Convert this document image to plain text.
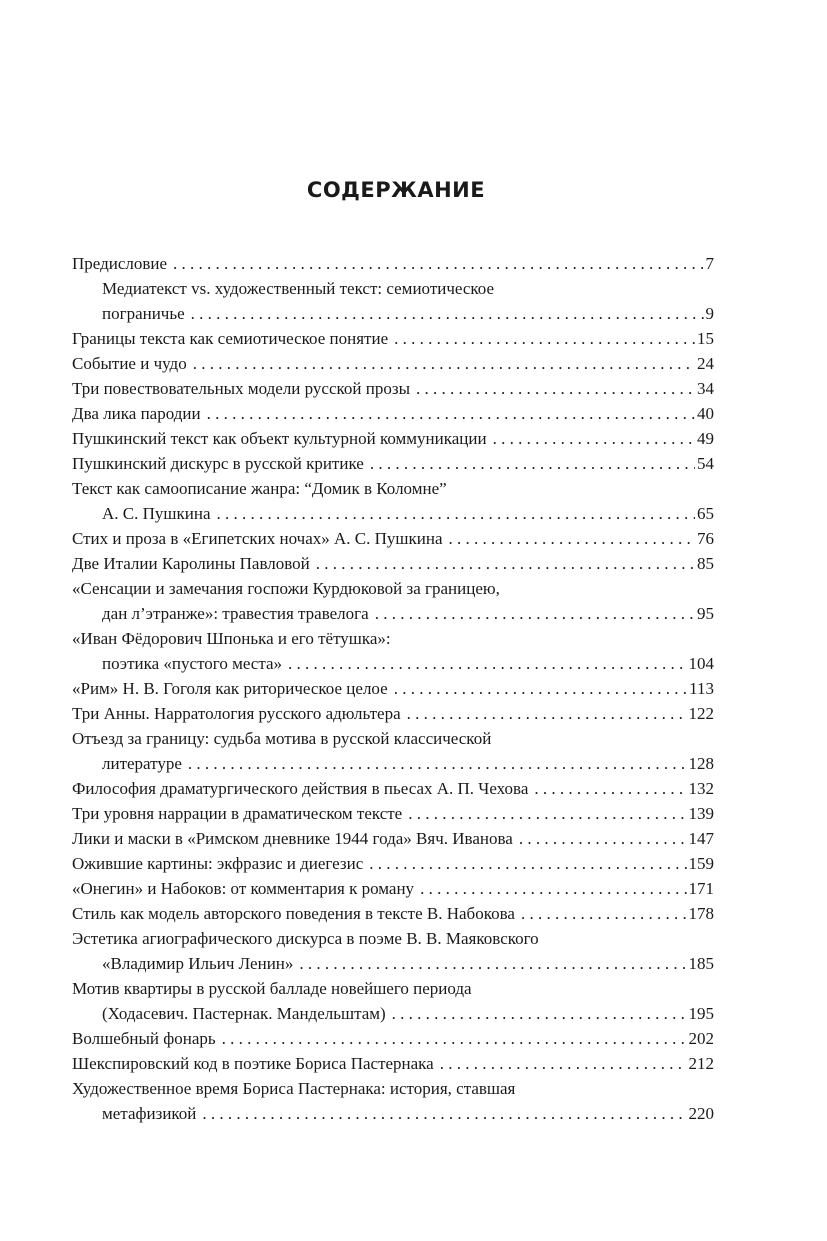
СОДЕРЖАНИЕ
Предисловие . . .	7
Медиатекст vs. художественный текст: семиотическое
пограничье . . .	9
Границы текста как семиотическое понятие . . .	15
Событие и чудо . . .	24
Три повествовательных модели русской прозы . . .	34
Два лика пародии . . .	40
Пушкинский текст как объект культурной коммуникации . . .	49
Пушкинский дискурс в русской критике . . .	54
Текст как самоописание жанра: “Домик в Коломне”
А. С. Пушкина . . .	65
Стих и проза в «Египетских ночах» А. С. Пушкина . . .	76
Две Италии Каролины Павловой . . .	85
«Сенсации и замечания госпожи Курдюковой за границею,
дан л’этранже»: травестия травелога . . .	95
«Иван Фёдорович Шпонька и его тётушка»:
поэтика «пустого места» . . .	104
«Рим» Н. В. Гоголя как риторическое целое . . .	113
Три Анны. Нарратология русского адюльтера . . .	122
Отъезд за границу: судьба мотива в русской классической
литературе . . .	128
Философия драматургического действия в пьесах А. П. Чехова . . .	132
Три уровня наррации в драматическом тексте . . .	139
Лики и маски в «Римском дневнике 1944 года» Вяч. Иванова . . .	147
Ожившие картины: экфразис и диегезис . . .	159
«Онегин» и Набоков: от комментария к роману . . .	171
Стиль как модель авторского поведения в тексте В. Набокова . . .	178
Эстетика агиографического дискурса в поэме В. В. Маяковского
«Владимир Ильич Ленин» . . .	185
Мотив квартиры в русской балладе новейшего периода
(Ходасевич. Пастернак. Мандельштам) . . .	195
Волшебный фонарь . . .	202
Шекспировский код в поэтике Бориса Пастернака . . .	212
Художественное время Бориса Пастернака: история, ставшая
метафизикой . . .	220
